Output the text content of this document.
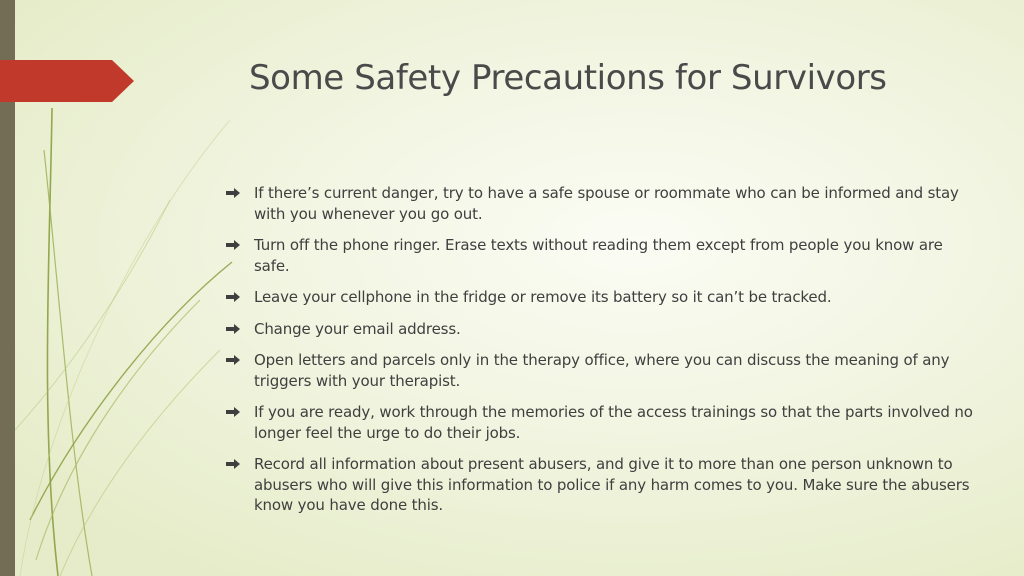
Some Safety Precautions for Survivors
If there’s current danger, try to have a safe spouse or roommate who can be informed and stay with you whenever you go out.
Turn off the phone ringer. Erase texts without reading them except from people you know are safe.
Leave your cellphone in the fridge or remove its battery so it can’t be tracked.
Change your email address.
Open letters and parcels only in the therapy office, where you can discuss the meaning of any triggers with your therapist.
If you are ready, work through the memories of the access trainings so that the parts involved no longer feel the urge to do their jobs.
Record all information about present abusers, and give it to more than one person unknown to abusers who will give this information to police if any harm comes to you. Make sure the abusers know you have done this.
